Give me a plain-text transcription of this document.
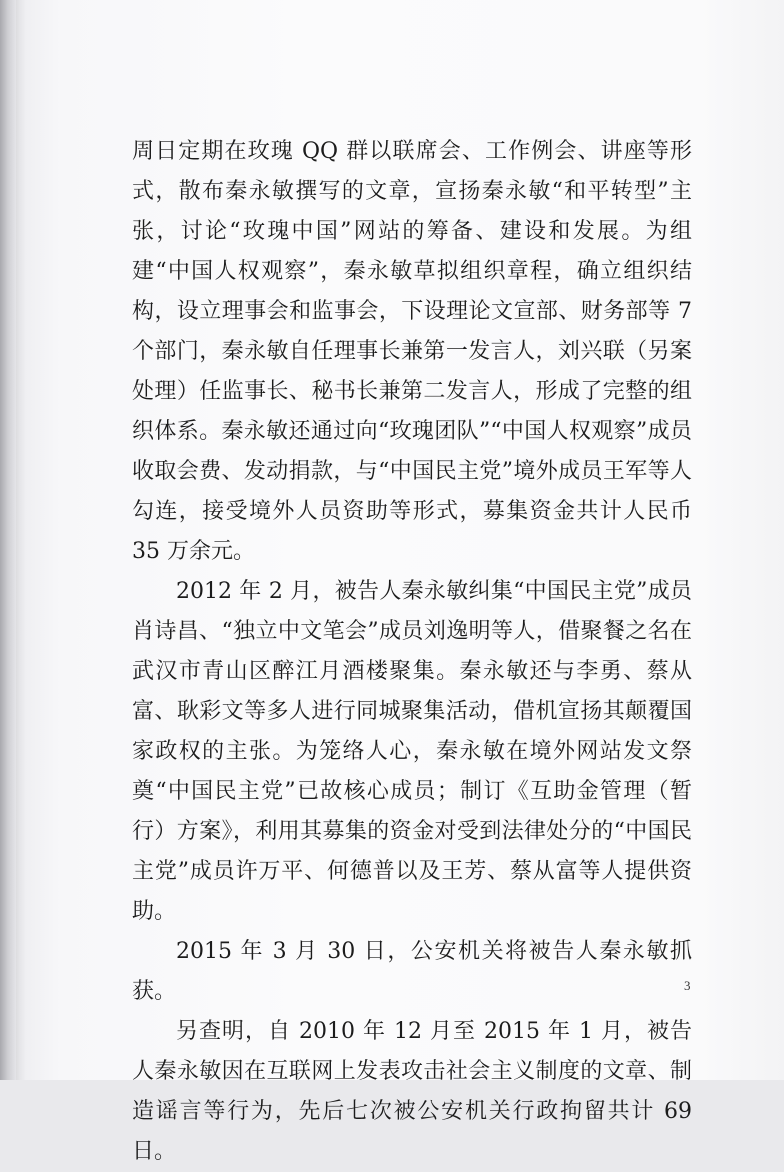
周日定期在玫瑰 QQ 群以联席会、工作例会、讲座等形式，散布秦永敏撰写的文章，宣扬秦永敏“和平转型”主张，讨论“玫瑰中国”网站的筹备、建设和发展。为组建“中国人权观察”，秦永敏草拟组织章程，确立组织结构，设立理事会和监事会，下设理论文宣部、财务部等 7 个部门，秦永敏自任理事长兼第一发言人，刘兴联（另案处理）任监事长、秘书长兼第二发言人，形成了完整的组织体系。秦永敏还通过向“玫瑰团队”“中国人权观察”成员收取会费、发动捐款，与“中国民主党”境外成员王军等人勾连，接受境外人员资助等形式，募集资金共计人民币 35 万余元。

2012 年 2 月，被告人秦永敏纠集“中国民主党”成员肖诗昌、“独立中文笔会”成员刘逸明等人，借聚餐之名在武汉市青山区醉江月酒楼聚集。秦永敏还与李勇、蔡从富、耿彩文等多人进行同城聚集活动，借机宣扬其颠覆国家政权的主张。为笼络人心，秦永敏在境外网站发文祭奠“中国民主党”已故核心成员；制订《互助金管理（暂行）方案》，利用其募集的资金对受到法律处分的“中国民主党”成员许万平、何德普以及王芳、蔡从富等人提供资助。

2015 年 3 月 30 日，公安机关将被告人秦永敏抓获。

另查明，自 2010 年 12 月至 2015 年 1 月，被告人秦永敏因在互联网上发表攻击社会主义制度的文章、制造谣言等行为，先后七次被公安机关行政拘留共计 69 日。

3
